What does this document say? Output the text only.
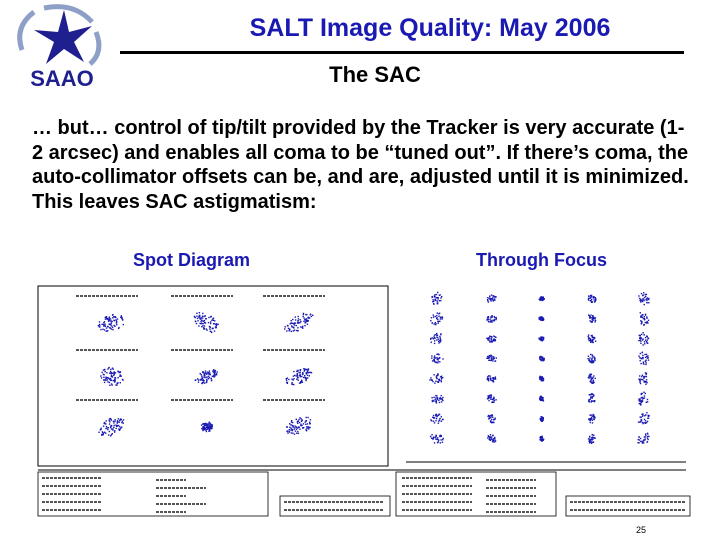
SAAO
SALT Image Quality: May 2006
The SAC
… but… control of tip/tilt provided by the Tracker is very accurate (1-2 arcsec) and enables all coma to be “tuned out”. If there’s coma, the auto-collimator offsets can be, and are, adjusted until it is minimized. This leaves SAC astigmatism:
Spot Diagram	Through Focus
25
